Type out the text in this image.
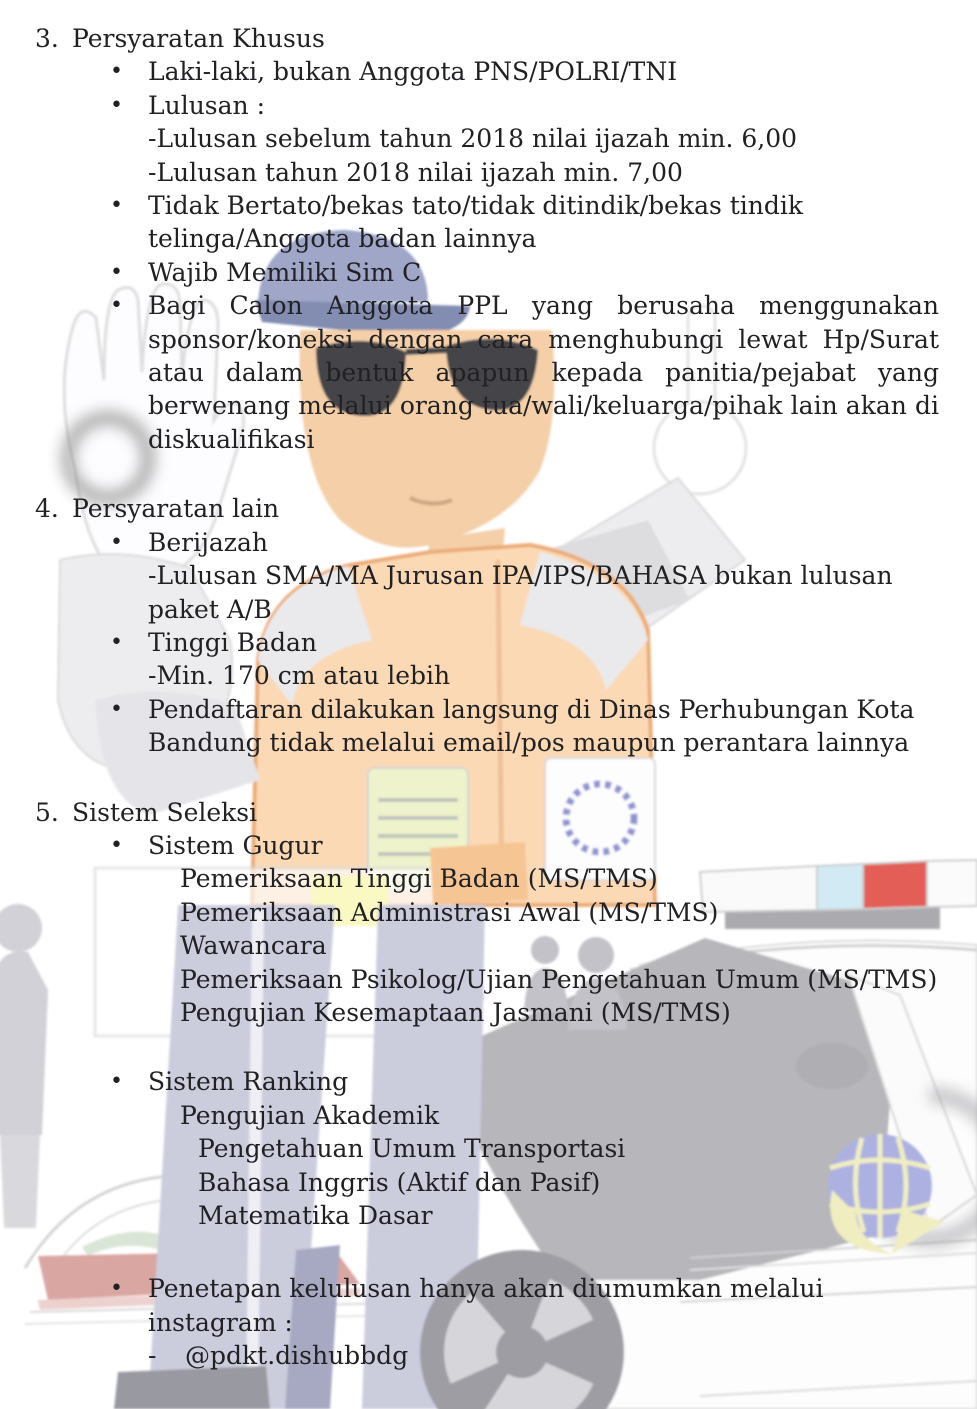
3. Persyaratan Khusus
•	Laki-laki, bukan Anggota PNS/POLRI/TNI
•	Lulusan :
-Lulusan sebelum tahun 2018 nilai ijazah min. 6,00
-Lulusan tahun 2018 nilai ijazah min. 7,00
•	Tidak Bertato/bekas tato/tidak ditindik/bekas tindik
telinga/Anggota badan lainnya
•	Wajib Memiliki Sim C
•	Bagi Calon Anggota PPL yang berusaha menggunakan
sponsor/koneksi dengan cara menghubungi lewat Hp/Surat
atau dalam bentuk apapun kepada panitia/pejabat yang
berwenang melalui orang tua/wali/keluarga/pihak lain akan di
diskualifikasi
4. Persyaratan lain
•	Berijazah
-Lulusan SMA/MA Jurusan IPA/IPS/BAHASA bukan lulusan
paket A/B
•	Tinggi Badan
-Min. 170 cm atau lebih
•	Pendaftaran dilakukan langsung di Dinas Perhubungan Kota
Bandung tidak melalui email/pos maupun perantara lainnya
5. Sistem Seleksi
•	Sistem Gugur
Pemeriksaan Tinggi Badan (MS/TMS)
Pemeriksaan Administrasi Awal (MS/TMS)
Wawancara
Pemeriksaan Psikolog/Ujian Pengetahuan Umum (MS/TMS)
Pengujian Kesemaptaan Jasmani (MS/TMS)
•	Sistem Ranking
Pengujian Akademik
Pengetahuan Umum Transportasi
Bahasa Inggris (Aktif dan Pasif)
Matematika Dasar
•	Penetapan kelulusan hanya akan diumumkan melalui
instagram :
-	@pdkt.dishubbdg
